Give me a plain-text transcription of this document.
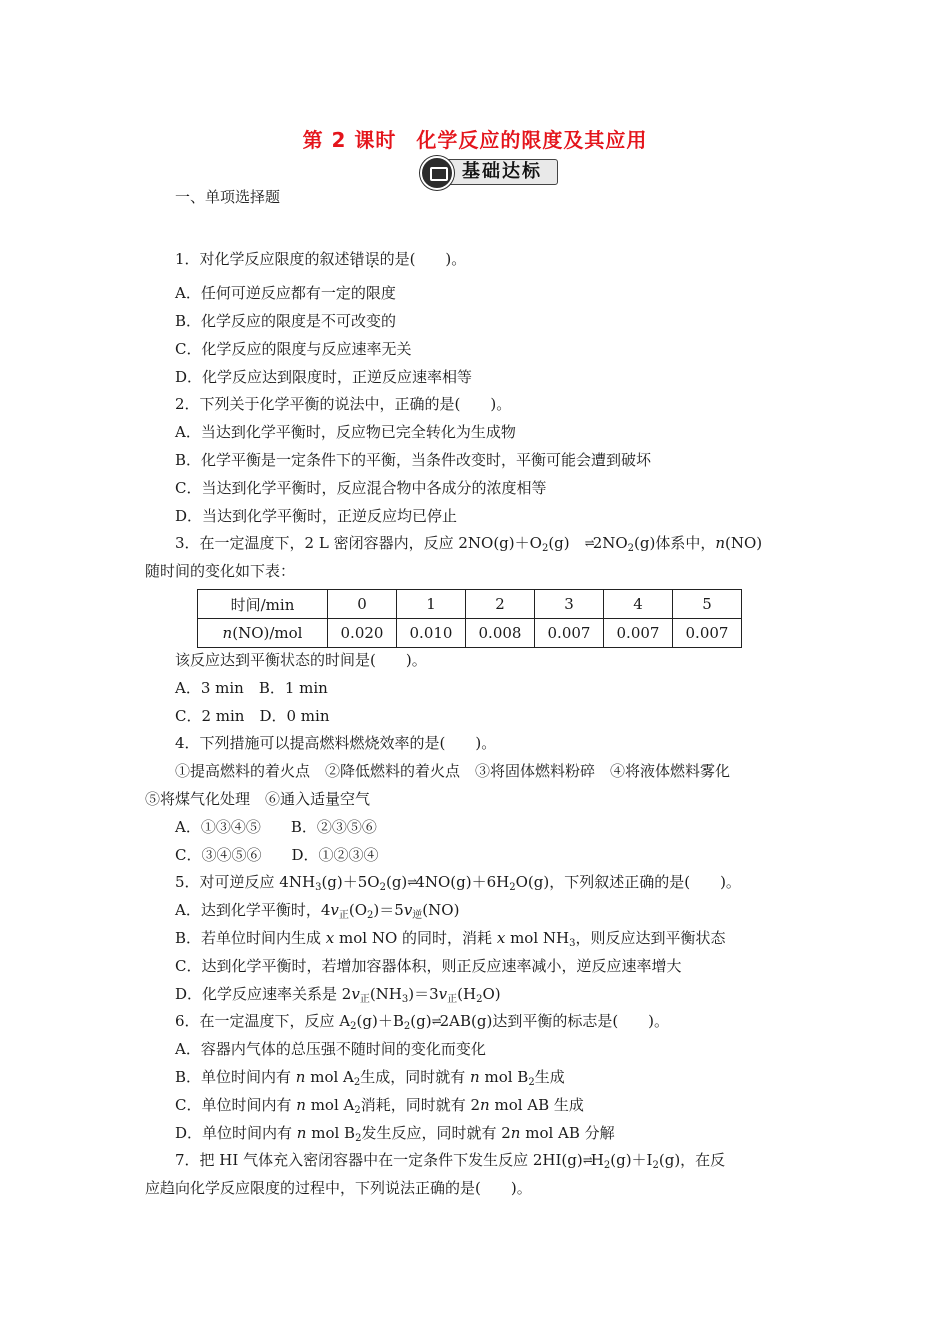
第 2 课时 化学反应的限度及其应用
基础达标
一、单项选择题
1．对化学反应限度的叙述错误的是(　　)。
A．任何可逆反应都有一定的限度
B．化学反应的限度是不可改变的
C．化学反应的限度与反应速率无关
D．化学反应达到限度时，正逆反应速率相等
2．下列关于化学平衡的说法中，正确的是(　　)。
A．当达到化学平衡时，反应物已完全转化为生成物
B．化学平衡是一定条件下的平衡，当条件改变时，平衡可能会遭到破坏
C．当达到化学平衡时，反应混合物中各成分的浓度相等
D．当达到化学平衡时，正逆反应均已停止
3．在一定温度下，2 L 密闭容器内，反应 $2NO(g)+O_2(g)$　 $\rightleftharpoons 2NO_2(g)$体系中，n(NO)
随时间的变化如下表：
时间/min	0	1	2	3	4	5
n(NO)/mol	0.020	0.010	0.008	0.007	0.007	0.007
该反应达到平衡状态的时间是(　　)。
A．3 min　B．1 min
C．2 min　D．0 min
4．下列措施可以提高燃料燃烧效率的是(　　)。
①提高燃料的着火点　②降低燃料的着火点　③将固体燃料粉碎　④将液体燃料雾化
⑤将煤气化处理　⑥通入适量空气
A．①③④⑤　　B．②③⑤⑥
C．③④⑤⑥　　D．①②③④
5．对可逆反应 $4NH_3(g)+5O_2(g)\rightleftharpoons 4NO(g)+6H_2O(g)$，下列叙述正确的是(　　)。
A．达到化学平衡时，$4v_正(O_2)=5v_逆(NO)$
B．若单位时间内生成 x mol NO 的同时，消耗 x mol $NH_3$，则反应达到平衡状态
C．达到化学平衡时，若增加容器体积，则正反应速率减小，逆反应速率增大
D．化学反应速率关系是 $2v_正(NH_3)=3v_正(H_2O)$
6．在一定温度下，反应 $A_2(g)+B_2(g)\rightleftharpoons 2AB(g)$达到平衡的标志是(　　)。
A．容器内气体的总压强不随时间的变化而变化
B．单位时间内有 n mol $A_2$生成，同时就有 n mol $B_2$生成
C．单位时间内有 n mol $A_2$消耗，同时就有 2n mol AB 生成
D．单位时间内有 n mol $B_2$发生反应，同时就有 2n mol AB 分解
7．把 HI 气体充入密闭容器中在一定条件下发生反应 $2HI(g)\rightleftharpoons H_2(g)+I_2(g)$，在反
应趋向化学反应限度的过程中，下列说法正确的是(　　)。
